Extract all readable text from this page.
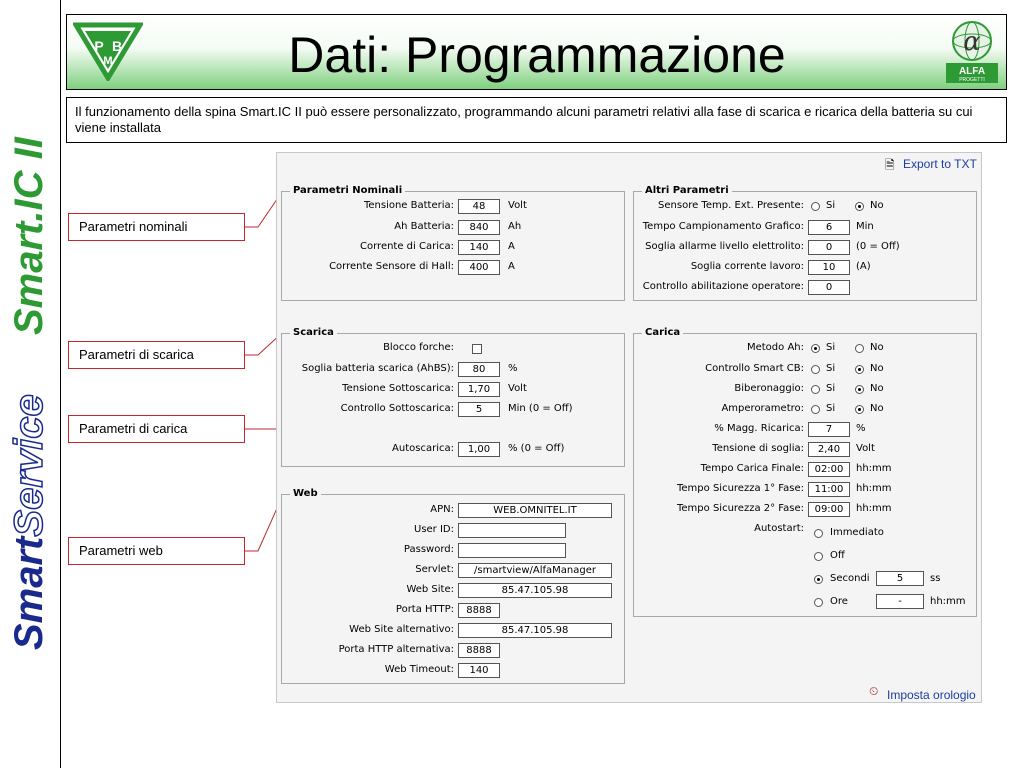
SmartService
Smart.IC II
P B
M	Dati: Programmazione	α
ALFA
PROGETTI
Il funzionamento della spina Smart.IC II può essere personalizzato, programmando alcuni parametri relativi alla fase di scarica e ricarica della batteria su cui viene installata
Parametri nominali
Parametri di scarica
Parametri di carica
Parametri web
🗎 Export to TXT
Parametri Nominali
Tensione Batteria:	48	Volt
Ah Batteria:	840	Ah
Corrente di Carica:	140	A
Corrente Sensore di Hall:	400	A
Altri Parametri
Sensore Temp. Ext. Presente: Si	No
Tempo Campionamento Grafico:	6	Min
Soglia allarme livello elettrolito:	0	(0 = Off)
Soglia corrente lavoro:	10	(A)
Controllo abilitazione operatore:	0
Scarica
Blocco forche:
Soglia batteria scarica (AhBS):	80	%
Tensione Sottoscarica:	1,70	Volt
Controllo Sottoscarica:	5	Min (0 = Off)
Autoscarica:	1,00	% (0 = Off)
Carica
Metodo Ah: Si	No
Controllo Smart CB: Si	No
Biberonaggio: Si	No
Amperorametro: Si	No
% Magg. Ricarica:	7	%
Tensione di soglia:	2,40	Volt
Tempo Carica Finale:	02:00	hh:mm
Tempo Sicurezza 1° Fase:	11:00	hh:mm
Tempo Sicurezza 2° Fase:	09:00	hh:mm
Autostart:	Immediato
Off
Secondi	5	ss
Ore	-	hh:mm
Web
APN:	WEB.OMNITEL.IT
User ID:
Password:
Servlet:	/smartview/AlfaManager
Web Site:	85.47.105.98
Porta HTTP:	8888
Web Site alternativo:	85.47.105.98
Porta HTTP alternativa:	8888
Web Timeout:	140
⏲ Imposta orologio
